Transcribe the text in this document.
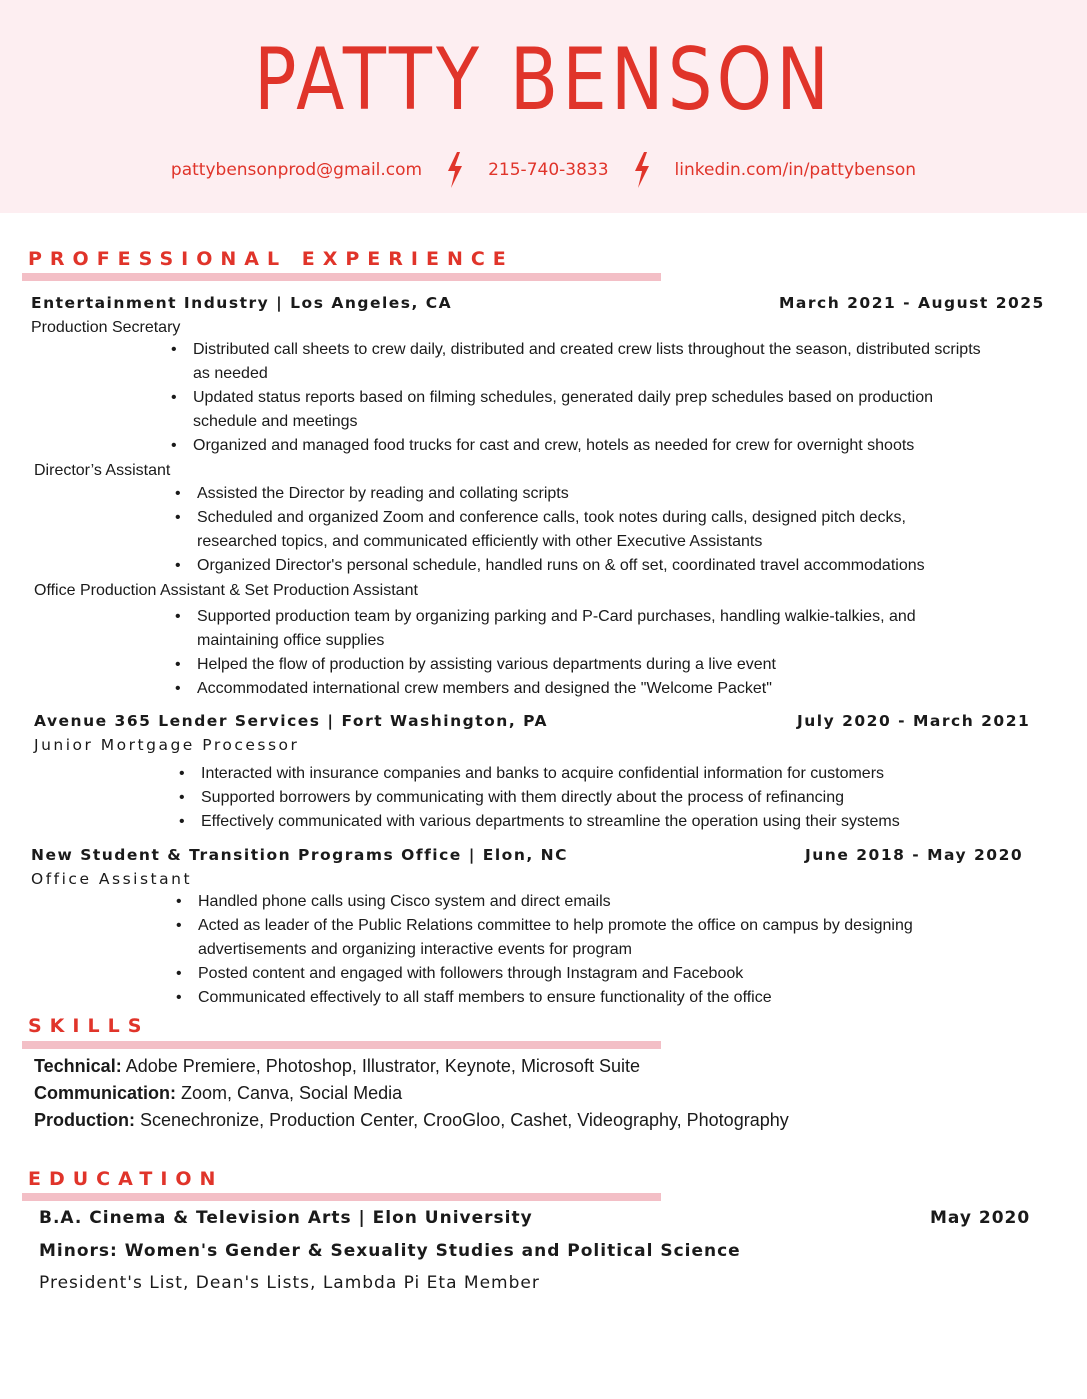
PATTY BENSON
pattybensonprod@gmail.com	215-740-3833	linkedin.com/in/pattybenson
PROFESSIONAL EXPERIENCE
Entertainment Industry | Los Angeles, CA	March 2021 - August 2025
Production Secretary
• Distributed call sheets to crew daily, distributed and created crew lists throughout the season, distributed scripts as needed
• Updated status reports based on filming schedules, generated daily prep schedules based on production schedule and meetings
• Organized and managed food trucks for cast and crew, hotels as needed for crew for overnight shoots
Director’s Assistant
• Assisted the Director by reading and collating scripts
• Scheduled and organized Zoom and conference calls, took notes during calls, designed pitch decks, researched topics, and communicated efficiently with other Executive Assistants
• Organized Director's personal schedule, handled runs on & off set, coordinated travel accommodations
Office Production Assistant & Set Production Assistant
• Supported production team by organizing parking and P-Card purchases, handling walkie-talkies, and maintaining office supplies
• Helped the flow of production by assisting various departments during a live event
• Accommodated international crew members and designed the "Welcome Packet"
Avenue 365 Lender Services | Fort Washington, PA	July 2020 - March 2021
Junior Mortgage Processor
• Interacted with insurance companies and banks to acquire confidential information for customers
• Supported borrowers by communicating with them directly about the process of refinancing
• Effectively communicated with various departments to streamline the operation using their systems
New Student & Transition Programs Office | Elon, NC	June 2018 - May 2020
Office Assistant
• Handled phone calls using Cisco system and direct emails
• Acted as leader of the Public Relations committee to help promote the office on campus by designing advertisements and organizing interactive events for program
• Posted content and engaged with followers through Instagram and Facebook
• Communicated effectively to all staff members to ensure functionality of the office
SKILLS
Technical: Adobe Premiere, Photoshop, Illustrator, Keynote, Microsoft Suite
Communication: Zoom, Canva, Social Media
Production: Scenechronize, Production Center, CrooGloo, Cashet, Videography, Photography
EDUCATION
B.A. Cinema & Television Arts | Elon University	May 2020
Minors: Women's Gender & Sexuality Studies and Political Science
President's List, Dean's Lists, Lambda Pi Eta Member
